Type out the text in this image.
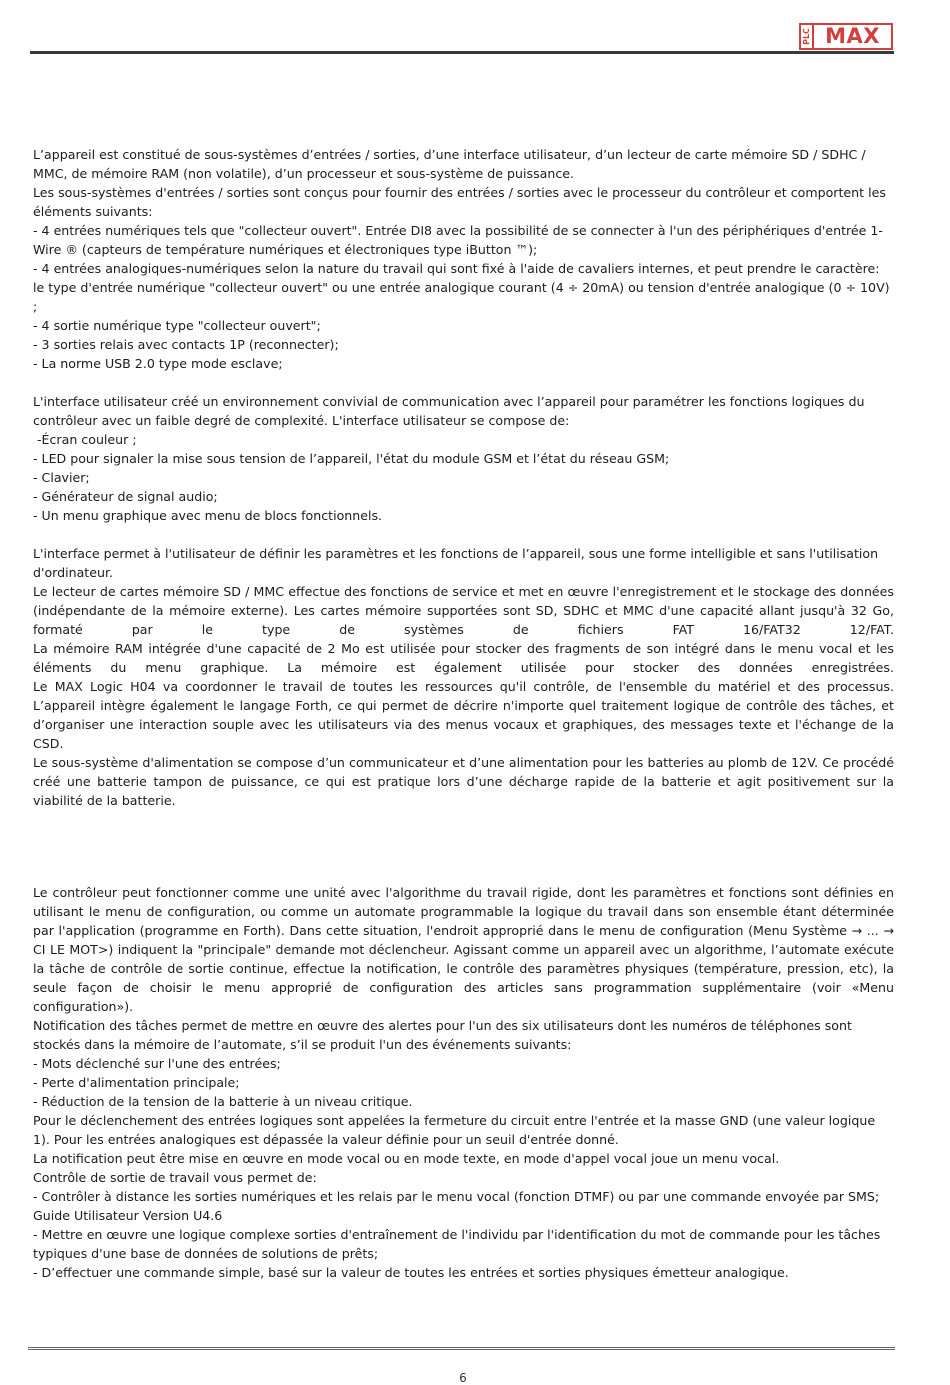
PLC MAX

L’appareil est constitué de sous-systèmes d’entrées / sorties, d’une interface utilisateur, d’un lecteur de carte mémoire SD / SDHC / MMC, de mémoire RAM (non volatile), d’un processeur et sous-système de puissance.

Les sous-systèmes d'entrées / sorties sont conçus pour fournir des entrées / sorties avec le processeur du contrôleur et comportent les éléments suivants:

- 4 entrées numériques tels que "collecteur ouvert". Entrée DI8 avec la possibilité de se connecter à l'un des périphériques d'entrée 1-Wire ® (capteurs de température numériques et électroniques type iButton ™);

- 4 entrées analogiques-numériques selon la nature du travail qui sont fixé à l'aide de cavaliers internes, et peut prendre le caractère: le type d'entrée numérique "collecteur ouvert" ou une entrée analogique courant (4 ÷ 20mA) ou tension d'entrée analogique (0 ÷ 10V) ;

- 4 sortie numérique type "collecteur ouvert";

- 3 sorties relais avec contacts 1P (reconnecter);

- La norme USB 2.0 type mode esclave;

L'interface utilisateur créé un environnement convivial de communication avec l’appareil pour paramétrer les fonctions logiques du contrôleur avec un faible degré de complexité. L'interface utilisateur se compose de:

-Écran couleur ;

- LED pour signaler la mise sous tension de l’appareil, l'état du module GSM et l’état du réseau GSM;

- Clavier;

- Générateur de signal audio;

- Un menu graphique avec menu de blocs fonctionnels.

L'interface permet à l'utilisateur de définir les paramètres et les fonctions de l’appareil, sous une forme intelligible et sans l'utilisation d'ordinateur.

Le lecteur de cartes mémoire SD / MMC effectue des fonctions de service et met en œuvre l'enregistrement et le stockage des données (indépendante de la mémoire externe). Les cartes mémoire supportées sont SD, SDHC et MMC d'une capacité allant jusqu'à 32 Go,

formaté par le type de systèmes de fichiers FAT 16/FAT32 12/FAT.

La mémoire RAM intégrée d'une capacité de 2 Mo est utilisée pour stocker des fragments de son intégré dans le menu vocal et les

éléments du menu graphique. La mémoire est également utilisée pour stocker des données enregistrées.

Le MAX Logic H04 va coordonner le travail de toutes les ressources qu'il contrôle, de l'ensemble du matériel et des processus.

L’appareil intègre également le langage Forth, ce qui permet de décrire n'importe quel traitement logique de contrôle des tâches, et d’organiser une interaction souple avec les utilisateurs via des menus vocaux et graphiques, des messages texte et l'échange de la CSD.

Le sous-système d'alimentation se compose d’un communicateur et d’une alimentation pour les batteries au plomb de 12V. Ce procédé créé une batterie tampon de puissance, ce qui est pratique lors d’une décharge rapide de la batterie et agit positivement sur la viabilité de la batterie.

Le contrôleur peut fonctionner comme une unité avec l'algorithme du travail rigide, dont les paramètres et fonctions sont définies en utilisant le menu de configuration, ou comme un automate programmable la logique du travail dans son ensemble étant déterminée par l'application (programme en Forth). Dans cette situation, l'endroit approprié dans le menu de configuration (Menu Système → ... → CI LE MOT>) indiquent la "principale" demande mot déclencheur. Agissant comme un appareil avec un algorithme, l’automate exécute la tâche de contrôle de sortie continue, effectue la notification, le contrôle des paramètres physiques (température, pression, etc), la seule façon de choisir le menu approprié de configuration des articles sans programmation supplémentaire (voir «Menu configuration»).

Notification des tâches permet de mettre en œuvre des alertes pour l'un des six utilisateurs dont les numéros de téléphones sont stockés dans la mémoire de l’automate, s’il se produit l'un des événements suivants:

- Mots déclenché sur l'une des entrées;

- Perte d'alimentation principale;

- Réduction de la tension de la batterie à un niveau critique.

Pour le déclenchement des entrées logiques sont appelées la fermeture du circuit entre l'entrée et la masse GND (une valeur logique 1). Pour les entrées analogiques est dépassée la valeur définie pour un seuil d'entrée donné.

La notification peut être mise en œuvre en mode vocal ou en mode texte, en mode d'appel vocal joue un menu vocal.

Contrôle de sortie de travail vous permet de:

- Contrôler à distance les sorties numériques et les relais par le menu vocal (fonction DTMF) ou par une commande envoyée par SMS;

Guide Utilisateur Version U4.6

- Mettre en œuvre une logique complexe sorties d'entraînement de l'individu par l'identification du mot de commande pour les tâches typiques d'une base de données de solutions de prêts;

- D’effectuer une commande simple, basé sur la valeur de toutes les entrées et sorties physiques émetteur analogique.

6
